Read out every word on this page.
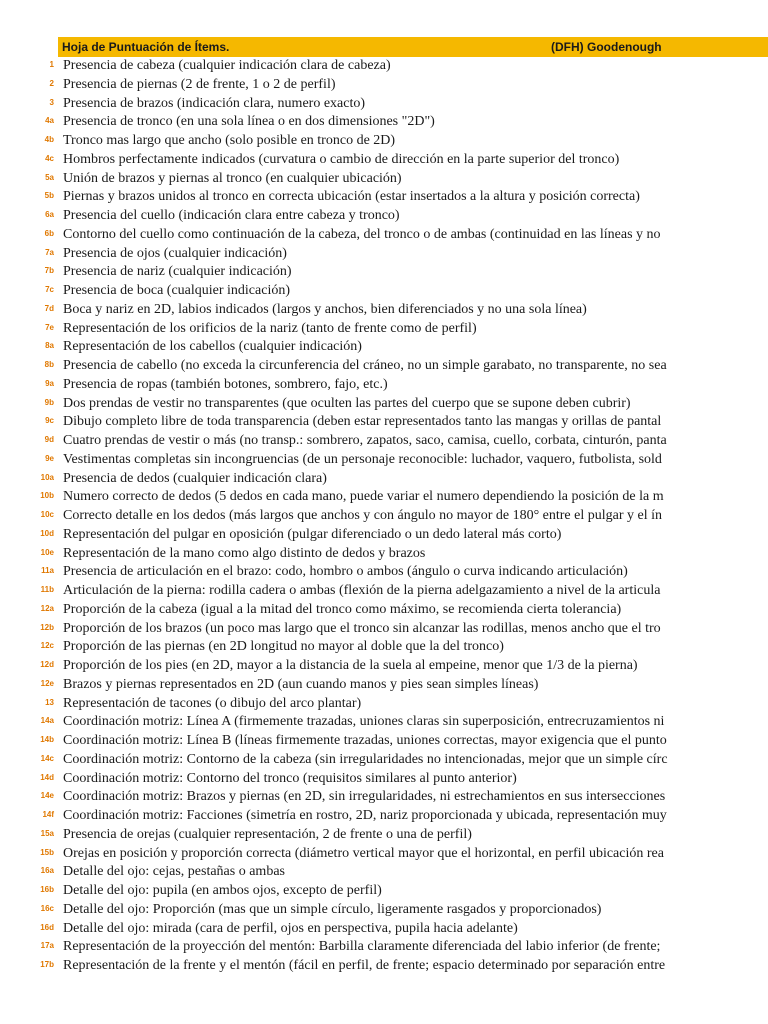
Hoja de Puntuación de Ítems.	(DFH) Goodenough
1 Presencia de cabeza (cualquier indicación clara de cabeza)
2 Presencia de piernas (2 de frente, 1 o 2 de perfil)
3 Presencia de brazos (indicación clara, numero exacto)
4a Presencia de tronco (en una sola línea o en dos dimensiones "2D")
4b Tronco mas largo que ancho (solo posible en tronco de 2D)
4c Hombros perfectamente indicados (curvatura o cambio de dirección en la parte superior del tronco)
5a Unión de brazos y piernas al tronco (en cualquier ubicación)
5b Piernas y brazos unidos al tronco en correcta ubicación (estar insertados a la altura y posición correcta)
6a Presencia del cuello (indicación clara entre cabeza y tronco)
6b Contorno del cuello como continuación de la cabeza, del tronco o de ambas (continuidad en las líneas y no
7a Presencia de ojos (cualquier indicación)
7b Presencia de nariz (cualquier indicación)
7c Presencia de boca (cualquier indicación)
7d Boca y nariz en 2D, labios indicados (largos y anchos, bien diferenciados y no una sola línea)
7e Representación de los orificios de la nariz (tanto de frente como de perfil)
8a Representación de los cabellos (cualquier indicación)
8b Presencia de cabello (no exceda la circunferencia del cráneo, no un simple garabato, no transparente, no sea
9a Presencia de ropas (también botones, sombrero, fajo, etc.)
9b Dos prendas de vestir no transparentes (que oculten las partes del cuerpo que se supone deben cubrir)
9c Dibujo completo libre de toda transparencia (deben estar representados tanto las mangas y orillas de pantal
9d Cuatro prendas de vestir o más (no transp.: sombrero, zapatos, saco, camisa, cuello, corbata, cinturón, panta
9e Vestimentas completas sin incongruencias (de un personaje reconocible: luchador, vaquero, futbolista, sold
10a Presencia de dedos (cualquier indicación clara)
10b Numero correcto de dedos (5 dedos en cada mano, puede variar el numero dependiendo la posición de la m
10c Correcto detalle en los dedos (más largos que anchos y con ángulo no mayor de 180° entre el pulgar y el ín
10d Representación del pulgar en oposición (pulgar diferenciado o un dedo lateral más corto)
10e Representación de la mano como algo distinto de dedos y brazos
11a Presencia de articulación en el brazo: codo, hombro o ambos (ángulo o curva indicando articulación)
11b Articulación de la pierna: rodilla cadera o ambas (flexión de la pierna adelgazamiento a nivel de la articula
12a Proporción de la cabeza (igual a la mitad del tronco como máximo, se recomienda cierta tolerancia)
12b Proporción de los brazos (un poco mas largo que el tronco sin alcanzar las rodillas, menos ancho que el tro
12c Proporción de las piernas (en 2D longitud no mayor al doble que la del tronco)
12d Proporción de los pies (en 2D, mayor a la distancia de la suela al empeine, menor que 1/3 de la pierna)
12e Brazos y piernas representados en 2D (aun cuando manos y pies sean simples líneas)
13 Representación de tacones (o dibujo del arco plantar)
14a Coordinación motriz: Línea A (firmemente trazadas, uniones claras sin superposición, entrecruzamientos ni
14b Coordinación motriz: Línea B (líneas firmemente trazadas, uniones correctas, mayor exigencia que el punto
14c Coordinación motriz: Contorno de la cabeza (sin irregularidades no intencionadas, mejor que un simple círc
14d Coordinación motriz: Contorno del tronco (requisitos similares al punto anterior)
14e Coordinación motriz: Brazos y piernas (en 2D, sin irregularidades, ni estrechamientos en sus intersecciones
14f Coordinación motriz: Facciones (simetría en rostro, 2D, nariz proporcionada y ubicada, representación muy
15a Presencia de orejas (cualquier representación, 2 de frente o una de perfil)
15b Orejas en posición y proporción correcta (diámetro vertical mayor que el horizontal, en perfil ubicación rea
16a Detalle del ojo: cejas, pestañas o ambas
16b Detalle del ojo: pupila (en ambos ojos, excepto de perfil)
16c Detalle del ojo: Proporción (mas que un simple círculo, ligeramente rasgados y proporcionados)
16d Detalle del ojo: mirada (cara de perfil, ojos en perspectiva, pupila hacia adelante)
17a Representación de la proyección del mentón: Barbilla claramente diferenciada del labio inferior (de frente;
17b Representación de la frente y el mentón (fácil en perfil, de frente; espacio determinado por separación entre
